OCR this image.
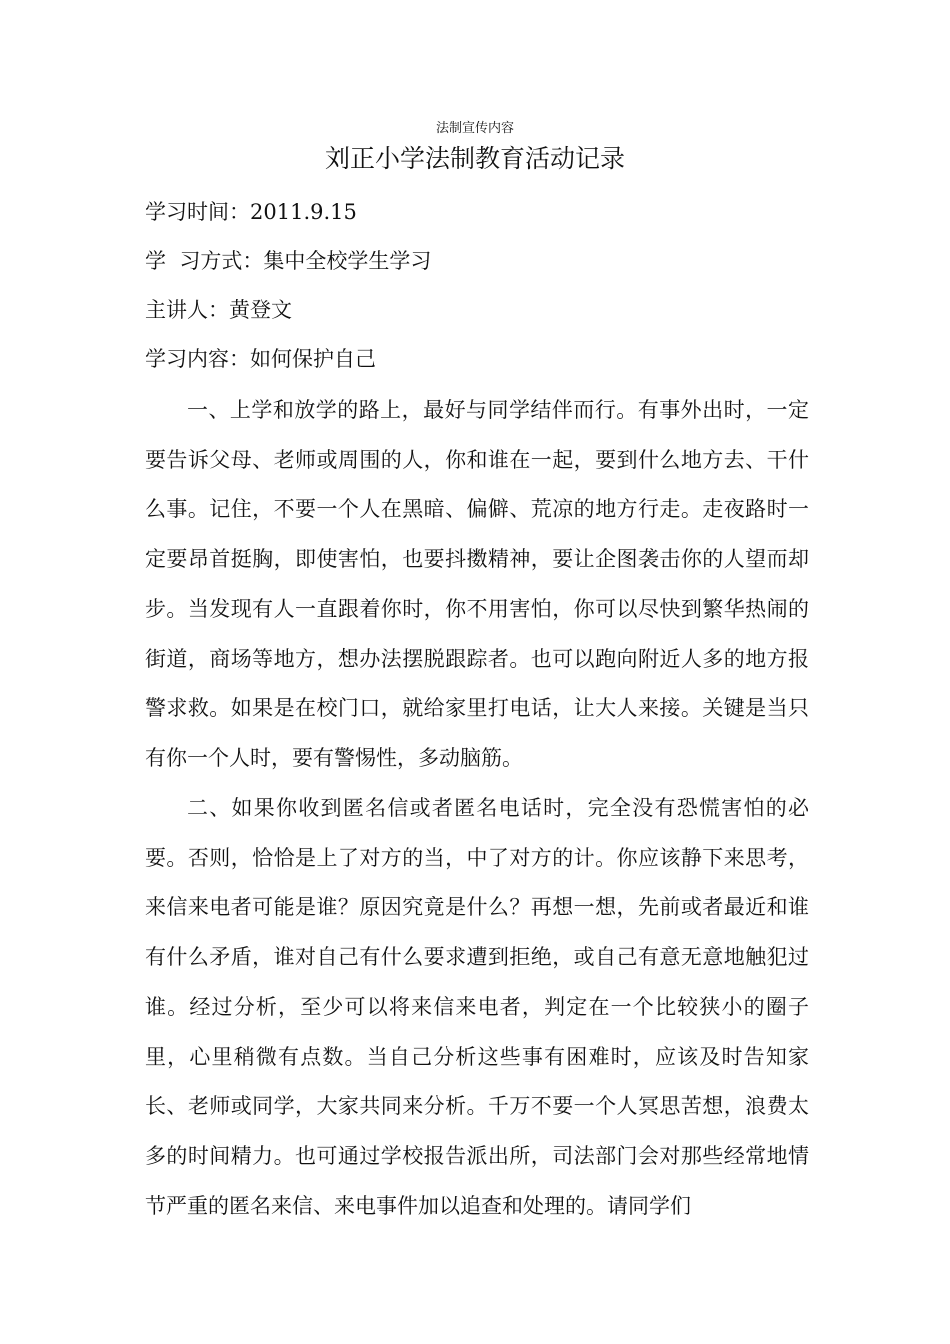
法制宣传内容
刘正小学法制教育活动记录
学习时间：2011.9.15
学  习方式：集中全校学生学习
主讲人：黄登文
学习内容：如何保护自己

一、上学和放学的路上，最好与同学结伴而行。有事外出时，一定要告诉父母、老师或周围的人，你和谁在一起，要到什么地方去、干什么事。记住，不要一个人在黑暗、偏僻、荒凉的地方行走。走夜路时一定要昂首挺胸，即使害怕，也要抖擞精神，要让企图袭击你的人望而却步。当发现有人一直跟着你时，你不用害怕，你可以尽快到繁华热闹的街道，商场等地方，想办法摆脱跟踪者。也可以跑向附近人多的地方报警求救。如果是在校门口，就给家里打电话，让大人来接。关键是当只有你一个人时，要有警惕性，多动脑筋。

二、如果你收到匿名信或者匿名电话时，完全没有恐慌害怕的必要。否则，恰恰是上了对方的当，中了对方的计。你应该静下来思考，来信来电者可能是谁？原因究竟是什么？再想一想，先前或者最近和谁有什么矛盾，谁对自己有什么要求遭到拒绝，或自己有意无意地触犯过谁。经过分析，至少可以将来信来电者，判定在一个比较狭小的圈子里，心里稍微有点数。当自己分析这些事有困难时，应该及时告知家长、老师或同学，大家共同来分析。千万不要一个人冥思苦想，浪费太多的时间精力。也可通过学校报告派出所，司法部门会对那些经常地情节严重的匿名来信、来电事件加以追查和处理的。请同学们
